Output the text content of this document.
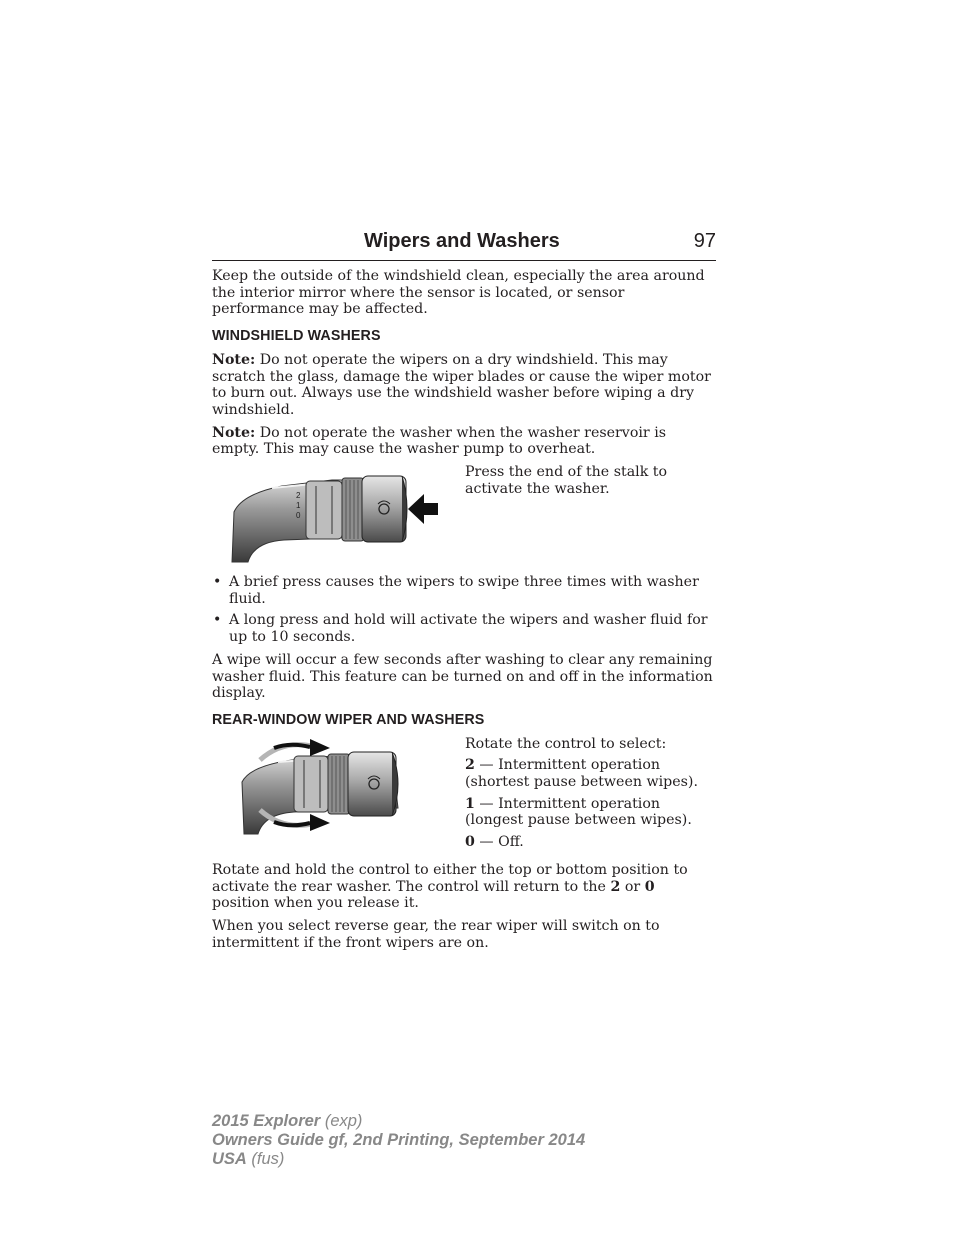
Wipers and Washers	97

Keep the outside of the windshield clean, especially the area around the interior mirror where the sensor is located, or sensor performance may be affected.

WINDSHIELD WASHERS

Note: Do not operate the wipers on a dry windshield. This may scratch the glass, damage the wiper blades or cause the wiper motor to burn out. Always use the windshield washer before wiping a dry windshield.

Note: Do not operate the washer when the washer reservoir is empty. This may cause the washer pump to overheat.

2
1
0

Press the end of the stalk to activate the washer.

• A brief press causes the wipers to swipe three times with washer fluid.
• A long press and hold will activate the wipers and washer fluid for up to 10 seconds.

A wipe will occur a few seconds after washing to clear any remaining washer fluid. This feature can be turned on and off in the information display.

REAR-WINDOW WIPER AND WASHERS

Rotate the control to select:

2 — Intermittent operation (shortest pause between wipes).

1 — Intermittent operation (longest pause between wipes).

0 — Off.

Rotate and hold the control to either the top or bottom position to activate the rear washer. The control will return to the 2 or 0 position when you release it.

When you select reverse gear, the rear wiper will switch on to intermittent if the front wipers are on.

2015 Explorer (exp)
Owners Guide gf, 2nd Printing, September 2014
USA (fus)
